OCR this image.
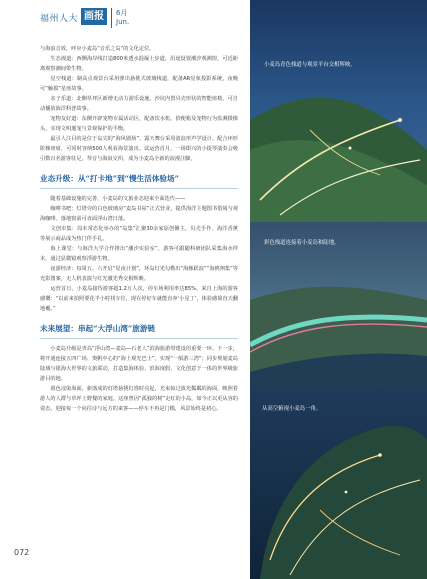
福州人大 画报	6月
Jun.

与海浪音效，呼应小麦岛“音乐之岛”的文化定位。

生态漫道：西侧海岸线打造800米透水混凝土步道，沿途设置潮汐观测窗，可近距离观察潮间带生物。

星空栈道：制高点观景台采用弹出悬挑式玻璃栈道，配备AR星象投影系统，夜晚可“触摸”星座故事。

亲子乐道：北侧草坪区新增无动力游乐设施，沙坑内置贝壳形状的智能座椅，可自动播放海洋科普故事。

宠物友好道：东侧开辟宠物专属活动区，配备饮水机、拾便箱及宠物行为监测摄像头，实现文明遛宠与景观保护的平衡。

最引人注目的是位于岛尖的“海风剧场”，露天舞台采用波浪形声学设计，配合环形阶梯座席，可同时容纳500人观看海景演出。试运营首月，一场即兴的小提琴演奏会吸引数百名游客驻足，琴音与海浪交织，成为小麦岛全新的浪漫注脚。

业态升级：从“打卡地”到“慢生活体验场”

随着基础设施的完善，小麦岛的文旅业态迎来全面迭代——

咖啡书吧：灯塔旁的白色玻璃房“麦岛书屋”正式营业，提供海洋主题图书借阅与观海咖啡。落地窗前可直面浮山湾日落。

文创市集：周末常态化举办的“岛集”汇聚30余家原创摊主，贝壳手作、海洋香薰等展示商品成为热门伴手礼。

海上课堂：与海洋大学合作推出“潮汐实验室”，游客可跟随科研团队采集海水样本，通过显微镜观察浮游生物。

夜游经济：每周五、六开启“星夜计划”，环岛灯光勾勒出“海豚跃浪”“海鸥翔集”等光影图案，无人机表演与灯光激光秀交相辉映。

运营首日，小麦岛接待游客超1.2万人次，停车场利用率达85%，来自上海的游客感慨：“以前来拍照要花半小时找车位，现在停好车就能直奔‘小星丁’，体验感简直天翻地覆。”

未来展望：串起“大浮山湾”旅游链

小麦岛升级是青岛“浮山湾—麦岛—石老人”滨海旅游带建设的重要一环。下一步，将开通连接五四广场、奥帆中心的“海上观光巴士”，实现“一船游三湾”；同步规划麦岛陆域与银海大世界的文旅联动，打造集海体验、滨海度假、文化创意于一体的世界级旅游目的地。

暮色浸染海面，新落成的灯塔悬挑灯准时亮起，光束掠过波光粼粼的海面，映照着游人的人群与草坪上野餐的家庭。这座曾因“孤独的树”走红的小岛，如今正以更从容的姿态，迎接每一个向往诗与远方的来客——停车不再是门槛，风景始终是初心。

072
小麦岛青色栈道与观景平台交相辉映。
彩色栈道连接着小麦岛和陆地。
从高空俯视小麦岛一角。
